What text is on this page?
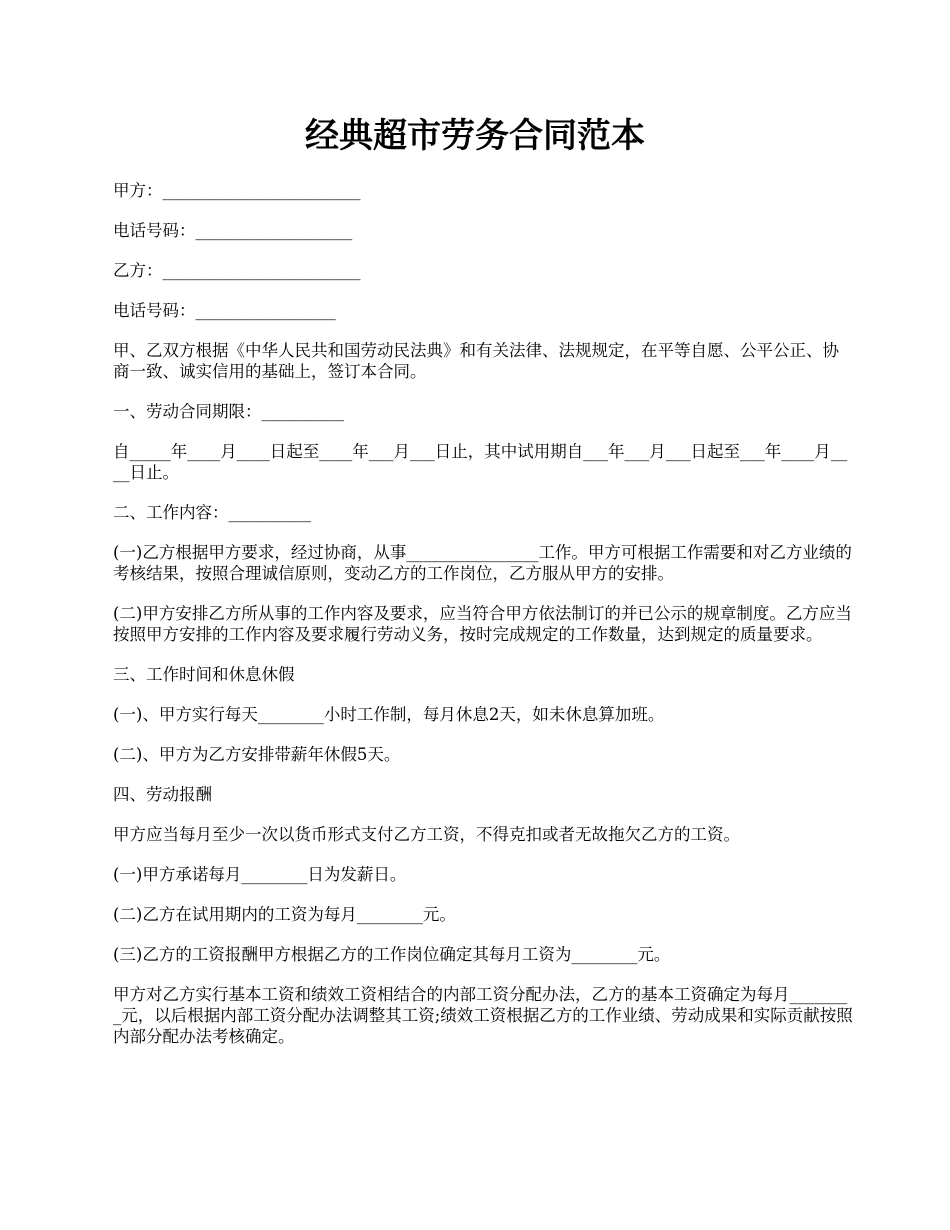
经典超市劳务合同范本

甲方：________________________

电话号码：___________________

乙方：________________________

电话号码：_________________

甲、乙双方根据《中华人民共和国劳动民法典》和有关法律、法规规定，在平等自愿、公平公正、协商一致、诚实信用的基础上，签订本合同。

一、劳动合同期限：__________

自_____年____月____日起至____年___月___日止，其中试用期自___年___月___日起至___年____月____日止。

二、工作内容：__________

(一)乙方根据甲方要求，经过协商，从事________________工作。甲方可根据工作需要和对乙方业绩的考核结果，按照合理诚信原则，变动乙方的工作岗位，乙方服从甲方的安排。

(二)甲方安排乙方所从事的工作内容及要求，应当符合甲方依法制订的并已公示的规章制度。乙方应当按照甲方安排的工作内容及要求履行劳动义务，按时完成规定的工作数量，达到规定的质量要求。

三、工作时间和休息休假

(一)、甲方实行每天________小时工作制，每月休息2天，如未休息算加班。

(二)、甲方为乙方安排带薪年休假5天。

四、劳动报酬

甲方应当每月至少一次以货币形式支付乙方工资，不得克扣或者无故拖欠乙方的工资。

(一)甲方承诺每月________日为发薪日。

(二)乙方在试用期内的工资为每月________元。

(三)乙方的工资报酬甲方根据乙方的工作岗位确定其每月工资为________元。

甲方对乙方实行基本工资和绩效工资相结合的内部工资分配办法，乙方的基本工资确定为每月________元，以后根据内部工资分配办法调整其工资;绩效工资根据乙方的工作业绩、劳动成果和实际贡献按照内部分配办法考核确定。
